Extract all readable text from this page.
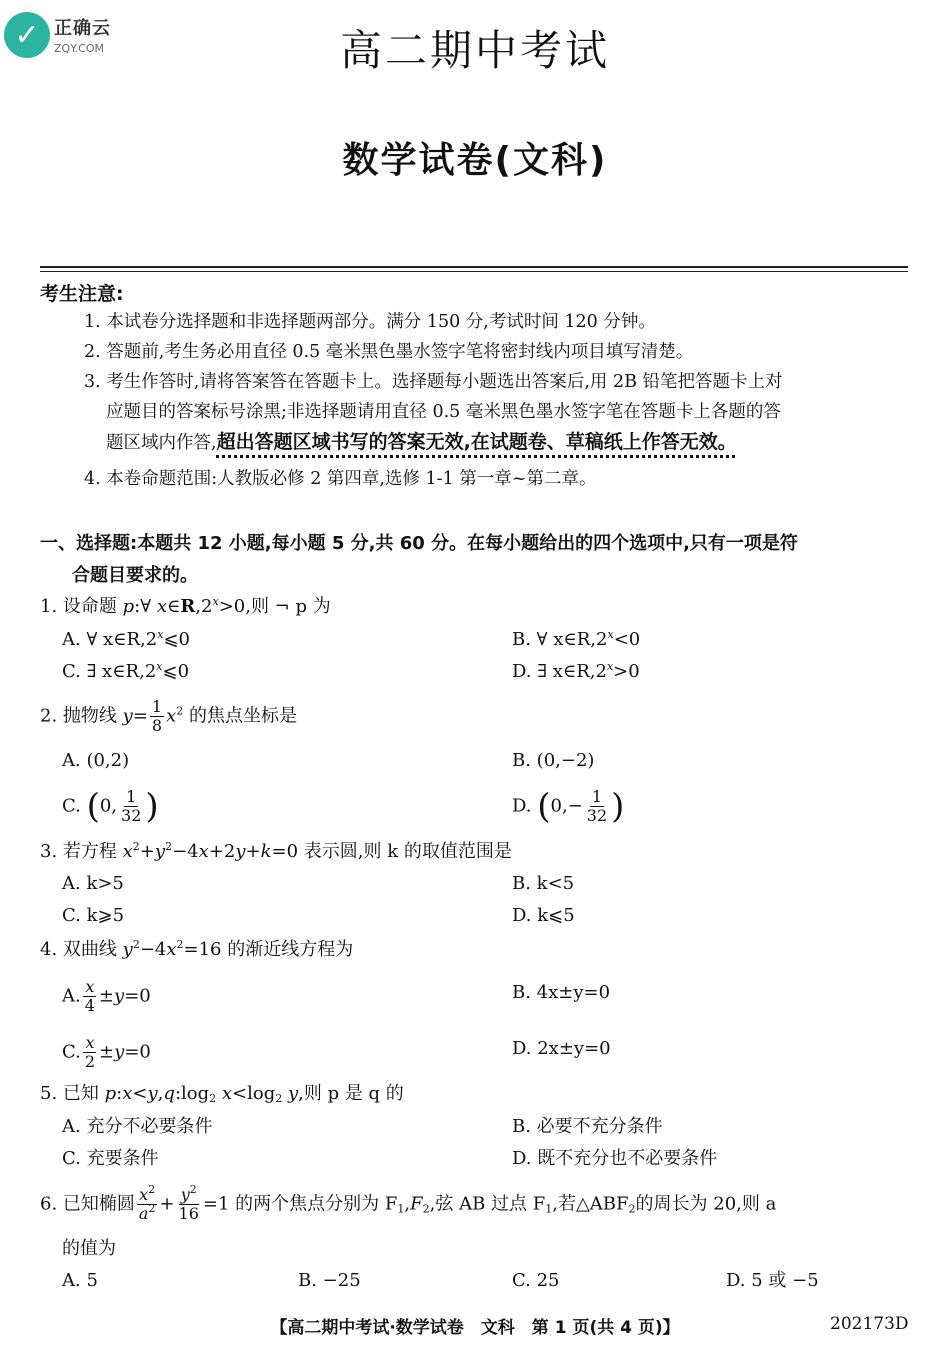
✓ 正确云
ZQY.COM	高二期中考试
数学试卷(文科)
考生注意:
1. 本试卷分选择题和非选择题两部分。满分 150 分,考试时间 120 分钟。
2. 答题前,考生务必用直径 0.5 毫米黑色墨水签字笔将密封线内项目填写清楚。
3. 考生作答时,请将答案答在答题卡上。选择题每小题选出答案后,用 2B 铅笔把答题卡上对
应题目的答案标号涂黑;非选择题请用直径 0.5 毫米黑色墨水签字笔在答题卡上各题的答
题区域内作答,超出答题区域书写的答案无效,在试题卷、草稿纸上作答无效。
4. 本卷命题范围:人教版必修 2 第四章,选修 1-1 第一章~第二章。
一、选择题:本题共 12 小题,每小题 5 分,共 60 分。在每小题给出的四个选项中,只有一项是符
合题目要求的。
1. 设命题 p:∀ $x\in R,2^x>0$,则 ¬ p 为
A. ∀ x∈R,2$^x$⩽0	B. ∀ $x\in R,2^x<0$
C. ∃ x∈R,2$^x$⩽0	D. ∃ $x\in R,2^x>0$
2. 抛物线 $y= \frac{1}{8} x^2$ 的焦点坐标是
A. (0,2)	B. (0,−2)
C. (0, $\frac{1}{32}$ )	D. ($0,- \frac{1}{32}$ )
3. 若方程 $x^2+y^2-4x+2y+k=0$ 表示圆,则 k 的取值范围是
A. k>5	B. k<5
C. k⩾5	D. k⩽5
4. 双曲线 $y^2-4x^2=16$ 的渐近线方程为
A. $\frac{x}{4} \pm y=0$	B. 4x±y=0
C. $\frac{x}{2} \pm y=0$	D. 2x±y=0
5. 已知 $p:x<y,q:\log_2$ $x<\log_2$ y,则 p 是 q 的
A. 充分不必要条件	B. 必要不充分条件
C. 充要条件	D. 既不充分也不必要条件
6. 已知椭圆 $\frac{x^2}{a^2} + \frac{y^2}{16} =1$ 的两个焦点分别为 $F_1,F_2$,弦 AB 过点 $F_1$,若$\triangle ABF_2$的周长为 20,则 a
的值为
A. 5	B. −25	C. 25	D. 5 或 −5
【高二期中考试·数学试卷　文科　第 1 页(共 4 页)】	202173D
